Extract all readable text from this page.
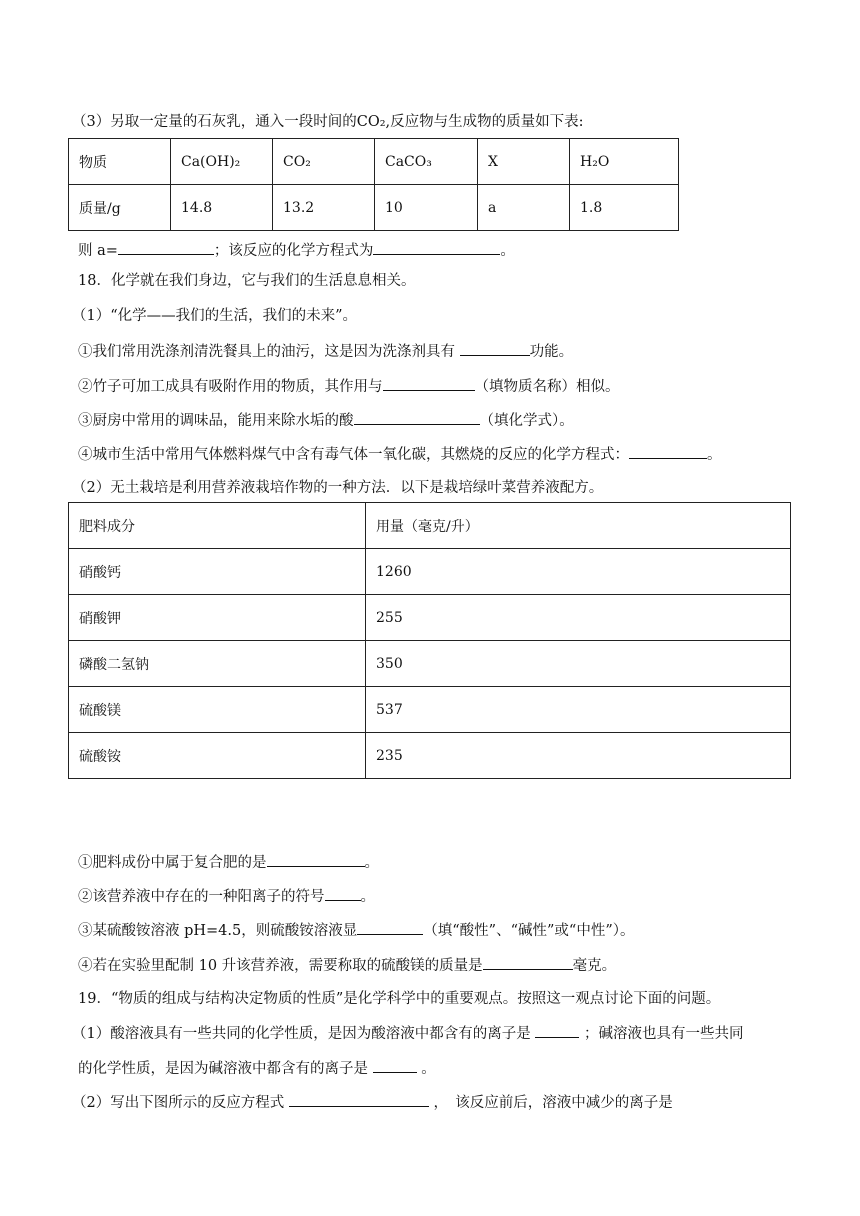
（3）另取一定量的石灰乳，通入一段时间的CO₂,反应物与生成物的质量如下表:
物质	Ca(OH)₂	CO₂	CaCO₃	X	H₂O
质量/g	14.8	13.2	10	a	1.8
则 a=	；该反应的化学方程式为	。
18．化学就在我们身边，它与我们的生活息息相关。
（1）“化学——我们的生活，我们的未来”。
①我们常用洗涤剂清洗餐具上的油污，这是因为洗涤剂具有	功能。
②竹子可加工成具有吸附作用的物质，其作用与	（填物质名称）相似。
③厨房中常用的调味品，能用来除水垢的酸	（填化学式）。
④城市生活中常用气体燃料煤气中含有毒气体一氧化碳，其燃烧的反应的化学方程式：	。
（2）无土栽培是利用营养液栽培作物的一种方法．以下是栽培绿叶菜营养液配方。
肥料成分	用量（毫克/升）
硝酸钙	1260
硝酸钾	255
磷酸二氢钠	350
硫酸镁	537
硫酸铵	235
①肥料成份中属于复合肥的是	。
②该营养液中存在的一种阳离子的符号 。
③某硫酸铵溶液 pH=4.5，则硫酸铵溶液显	（填“酸性”、“碱性”或“中性”）。
④若在实验里配制 10 升该营养液，需要称取的硫酸镁的质量是	毫克。
19．“物质的组成与结构决定物质的性质”是化学科学中的重要观点。按照这一观点讨论下面的问题。
（1）酸溶液具有一些共同的化学性质，是因为酸溶液中都含有的离子是	；碱溶液也具有一些共同
的化学性质，是因为碱溶液中都含有的离子是	。
（2）写出下图所示的反应方程式	，　该反应前后，溶液中减少的离子是
